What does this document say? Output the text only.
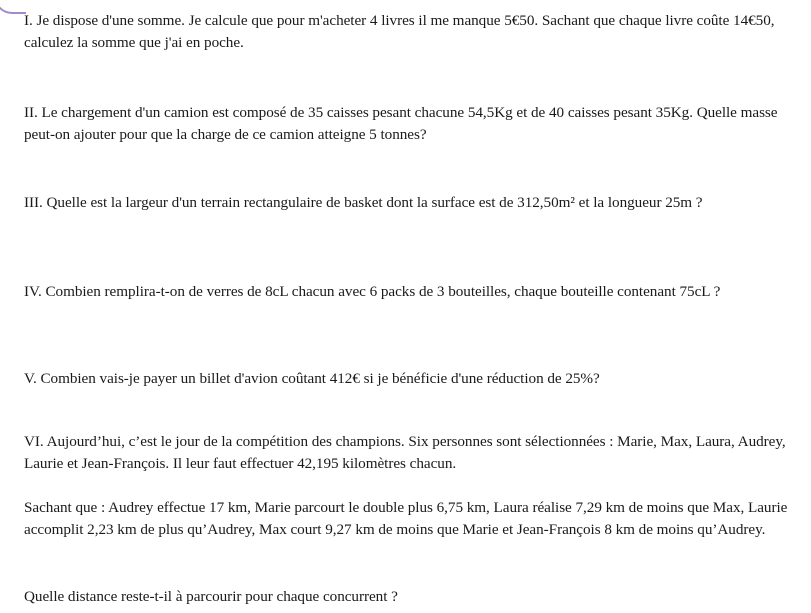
I. Je dispose d'une somme. Je calcule que pour m'acheter 4 livres il me manque 5€50. Sachant que chaque livre coûte 14€50, calculez la somme que j'ai en poche.

II. Le chargement d'un camion est composé de 35 caisses pesant chacune 54,5Kg et de 40 caisses pesant 35Kg. Quelle masse peut-on ajouter pour que la charge de ce camion atteigne 5 tonnes?

III. Quelle est la largeur d'un terrain rectangulaire de basket dont la surface est de 312,50m² et la longueur 25m ?

IV. Combien remplira-t-on de verres de 8cL chacun avec 6 packs de 3 bouteilles, chaque bouteille contenant 75cL ?

V. Combien vais-je payer un billet d'avion coûtant 412€ si je bénéficie d'une réduction de 25%?

VI. Aujourd’hui, c’est le jour de la compétition des champions. Six personnes sont sélectionnées : Marie, Max, Laura, Audrey, Laurie et Jean-François. Il leur faut effectuer 42,195 kilomètres chacun.

Sachant que : Audrey effectue 17 km, Marie parcourt le double plus 6,75 km, Laura réalise 7,29 km de moins que Max, Laurie accomplit 2,23 km de plus qu’Audrey, Max court 9,27 km de moins que Marie et Jean-François 8 km de moins qu’Audrey.

Quelle distance reste-t-il à parcourir pour chaque concurrent ?
